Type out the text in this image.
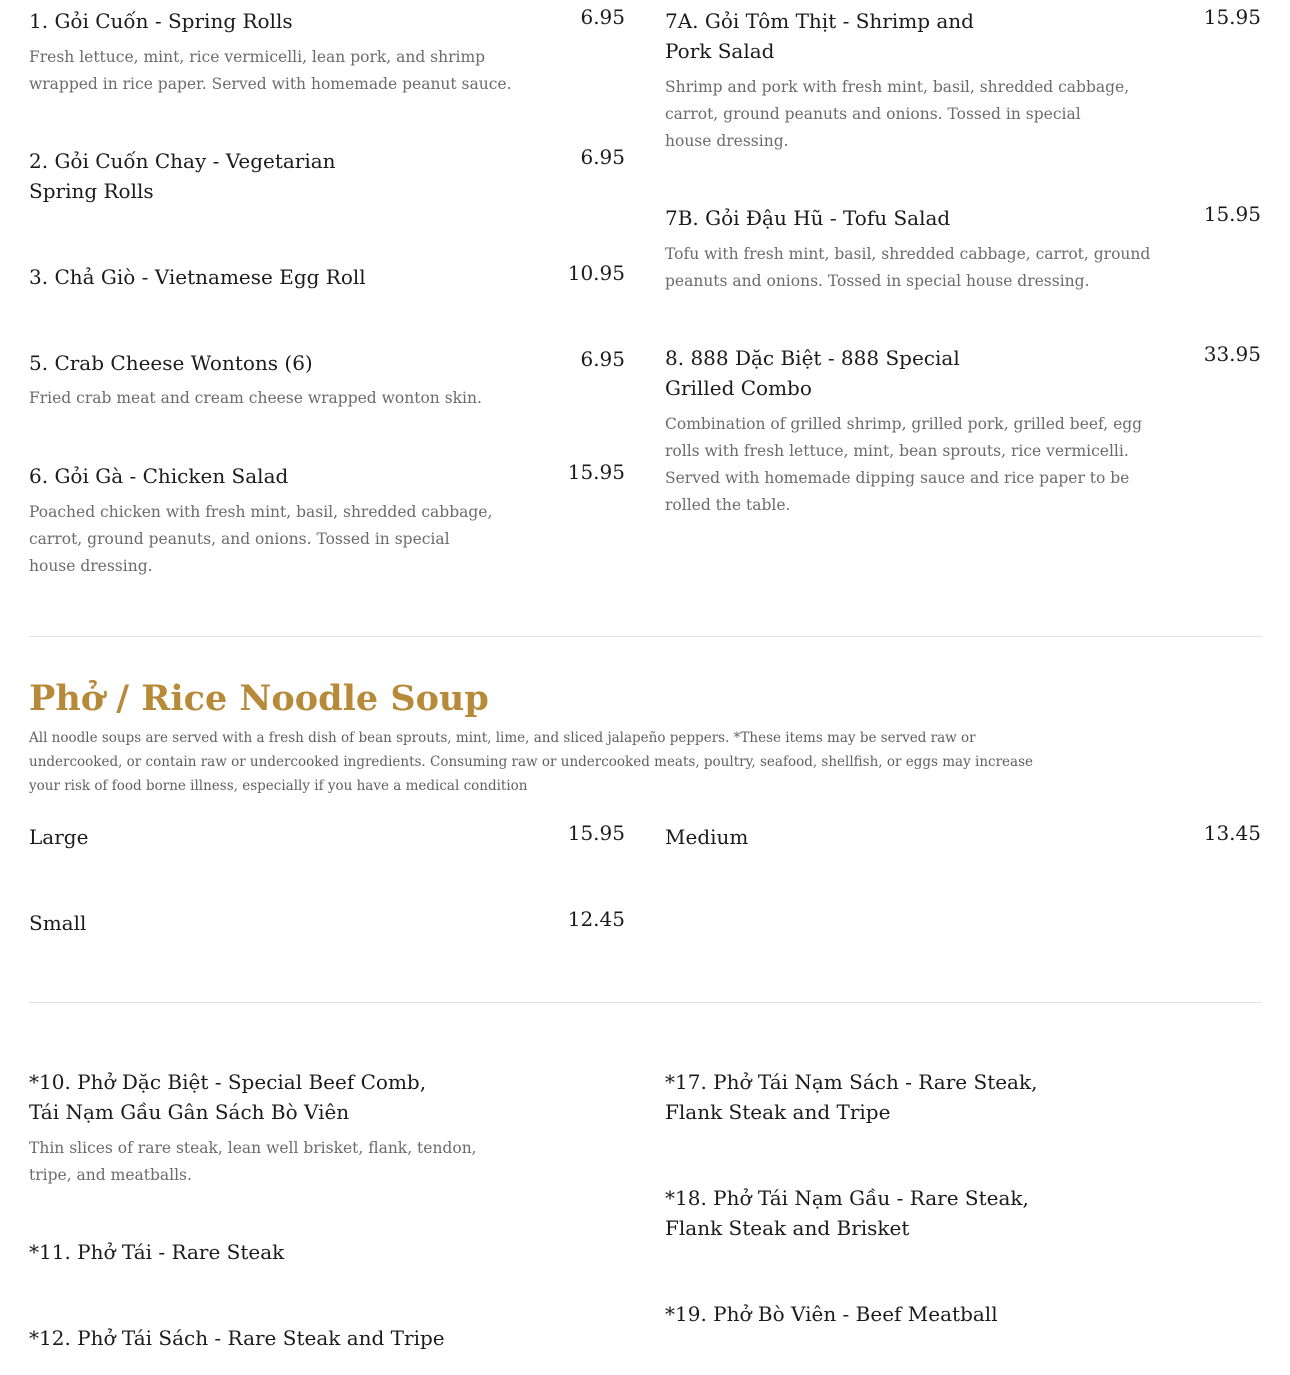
1. Gỏi Cuốn - Spring Rolls	6.95
Fresh lettuce, mint, rice vermicelli, lean pork, and shrimp
wrapped in rice paper. Served with homemade peanut sauce.
2. Gỏi Cuốn Chay - Vegetarian
Spring Rolls
6.95
3. Chả Giò - Vietnamese Egg Roll	10.95
5. Crab Cheese Wontons (6)	6.95
Fried crab meat and cream cheese wrapped wonton skin.
6. Gỏi Gà - Chicken Salad	15.95
Poached chicken with fresh mint, basil, shredded cabbage,
carrot, ground peanuts, and onions. Tossed in special
house dressing.
7A. Gỏi Tôm Thịt - Shrimp and
Pork Salad
15.95
Shrimp and pork with fresh mint, basil, shredded cabbage,
carrot, ground peanuts and onions. Tossed in special
house dressing.
7B. Gỏi Đậu Hũ - Tofu Salad	15.95
Tofu with fresh mint, basil, shredded cabbage, carrot, ground
peanuts and onions. Tossed in special house dressing.
8. 888 Dặc Biệt - 888 Special
Grilled Combo
33.95
Combination of grilled shrimp, grilled pork, grilled beef, egg
rolls with fresh lettuce, mint, bean sprouts, rice vermicelli.
Served with homemade dipping sauce and rice paper to be
rolled the table.
Phở / Rice Noodle Soup
All noodle soups are served with a fresh dish of bean sprouts, mint, lime, and sliced jalapeño peppers. *These items may be served raw or undercooked, or contain raw or undercooked ingredients. Consuming raw or undercooked meats, poultry, seafood, shellfish, or eggs may increase your risk of food borne illness, especially if you have a medical condition
Large	15.95 Medium	13.45
Small	12.45
*10. Phở Dặc Biệt - Special Beef Comb,
Tái Nạm Gầu Gân Sách Bò Viên
Thin slices of rare steak, lean well brisket, flank, tendon,
tripe, and meatballs.
*11. Phở Tái - Rare Steak
*12. Phở Tái Sách - Rare Steak and Tripe
*17. Phở Tái Nạm Sách - Rare Steak,
Flank Steak and Tripe
*18. Phở Tái Nạm Gầu - Rare Steak,
Flank Steak and Brisket
*19. Phở Bò Viên - Beef Meatball
